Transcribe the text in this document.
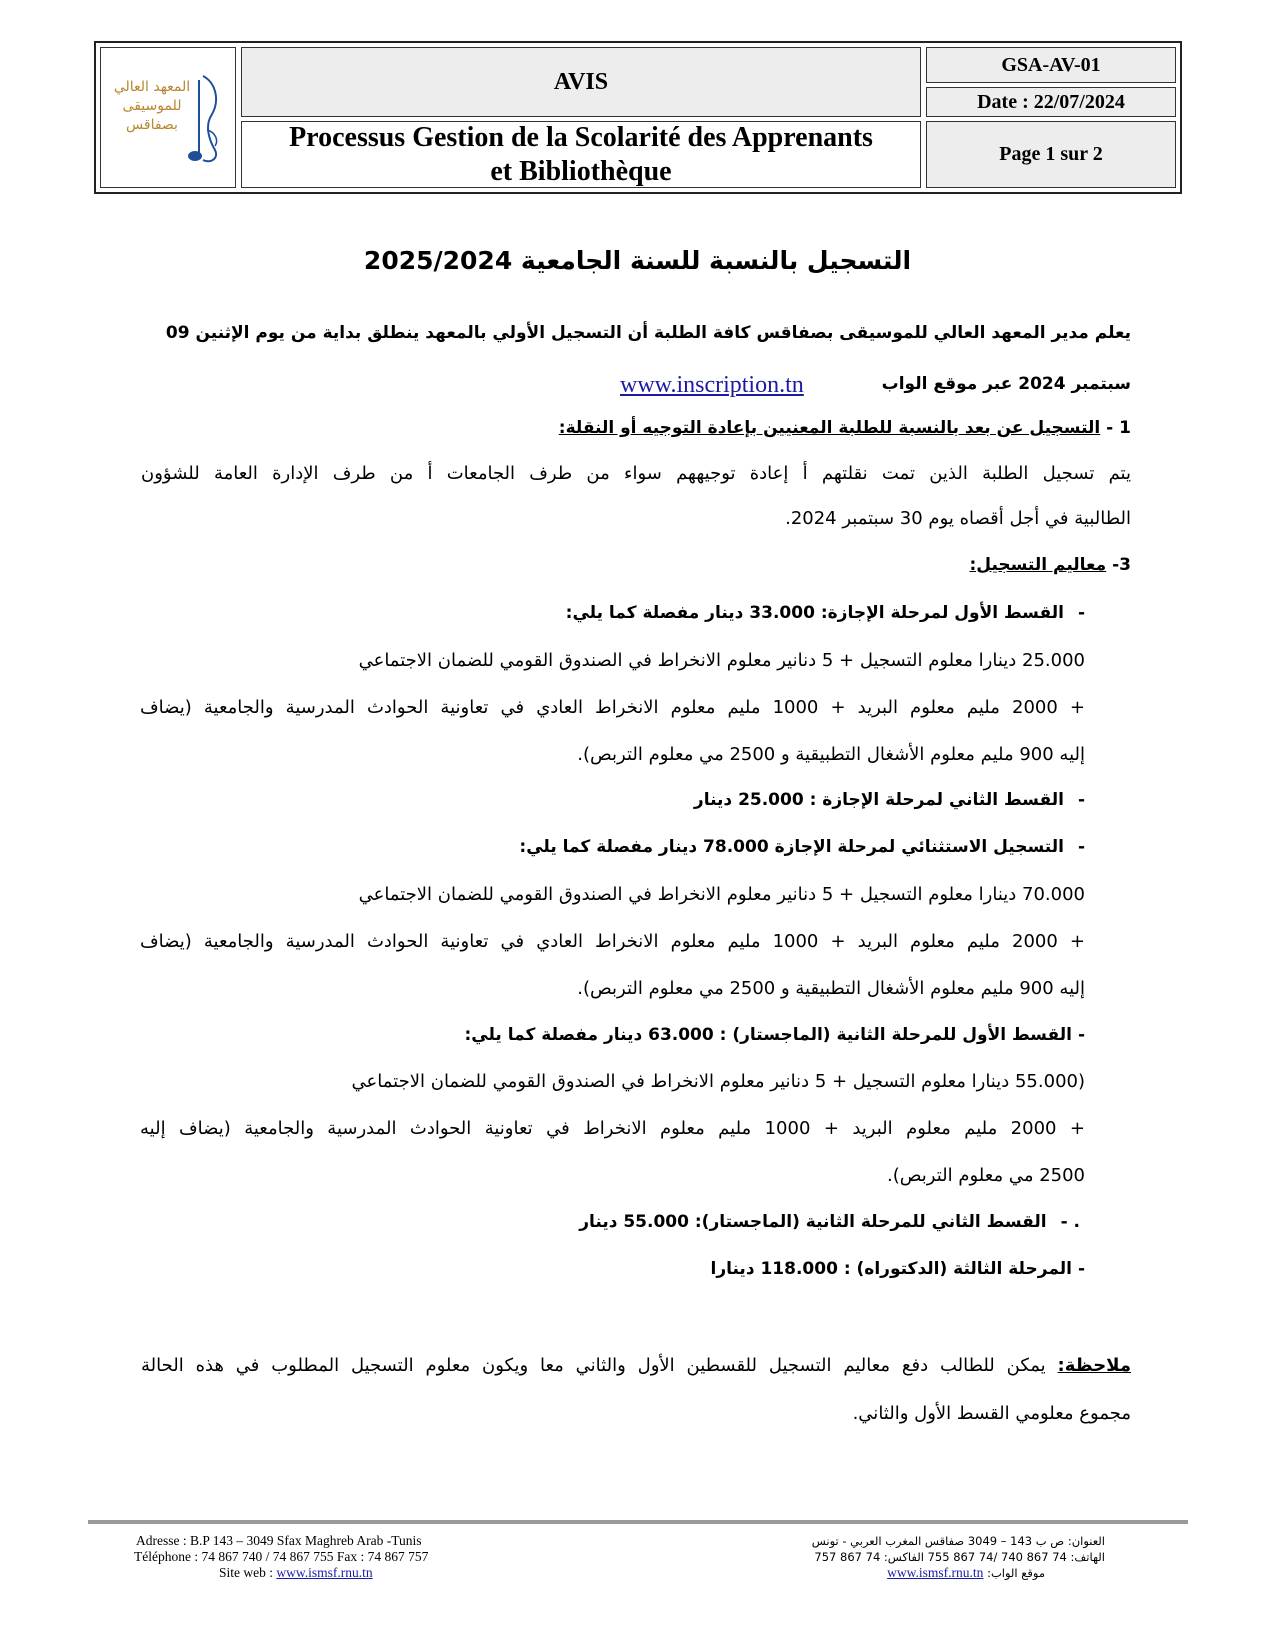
المعهد العالي للموسيقى بصفاقس
AVIS
Processus Gestion de la Scolarité des Apprenants
et Bibliothèque
GSA-AV-01
Date : 22/07/2024
Page 1 sur 2
التسجيل بالنسبة للسنة الجامعية 2025/2024
يعلم مدير المعهد العالي للموسيقى بصفاقس كافة الطلبة أن التسجيل الأولي بالمعهد ينطلق بداية من يوم الإثنين 09
سبتمبر 2024 عبر موقع الواب
www.inscription.tn
1 - التسجيل عن بعد بالنسبة للطلبة المعنيين بإعادة التوجيه أو النقلة:
يتم تسجيل الطلبة الذين تمت نقلتهم أ إعادة توجيههم سواء من طرف الجامعات أ من طرف الإدارة العامة للشؤون
الطالبية في أجل أقصاه يوم 30 سبتمبر 2024.
3- معاليم التسجيل:
-القسط الأول لمرحلة الإجازة: 33.000 دينار مفصلة كما يلي:
25.000 دينارا معلوم التسجيل + 5 دنانير معلوم الانخراط في الصندوق القومي للضمان الاجتماعي
+ 2000 مليم معلوم البريد + 1000 مليم معلوم الانخراط العادي في تعاونية الحوادث المدرسية والجامعية (يضاف
إليه 900 مليم معلوم الأشغال التطبيقية و 2500 مي معلوم التربص).
-القسط الثاني لمرحلة الإجازة : 25.000 دينار
-التسجيل الاستثنائي لمرحلة الإجازة 78.000 دينار مفصلة كما يلي:
70.000 دينارا معلوم التسجيل + 5 دنانير معلوم الانخراط في الصندوق القومي للضمان الاجتماعي
+ 2000 مليم معلوم البريد + 1000 مليم معلوم الانخراط العادي في تعاونية الحوادث المدرسية والجامعية (يضاف
إليه 900 مليم معلوم الأشغال التطبيقية و 2500 مي معلوم التربص).
-القسط الأول للمرحلة الثانية (الماجستار) : 63.000 دينار مفصلة كما يلي:
(55.000 دينارا معلوم التسجيل + 5 دنانير معلوم الانخراط في الصندوق القومي للضمان الاجتماعي
+ 2000 مليم معلوم البريد + 1000 مليم معلوم الانخراط في تعاونية الحوادث المدرسية والجامعية (يضاف إليه
2500 مي معلوم التربص).
. -القسط الثاني للمرحلة الثانية (الماجستار): 55.000 دينار
-المرحلة الثالثة (الدكتوراه) : 118.000 دينارا
ملاحظة: يمكن للطالب دفع معاليم التسجيل للقسطين الأول والثاني معا ويكون معلوم التسجيل المطلوب في هذه الحالة
مجموع معلومي القسط الأول والثاني.
Adresse : B.P 143 – 3049 Sfax Maghreb Arab -Tunis
Téléphone : 74 867 740 / 74 867 755 Fax : 74 867 757
Site web : www.ismsf.rnu.tn
العنوان: ص ب 143 – 3049 صفاقس المغرب العربي - تونس
الهاتف: 74 867 740 /74 867 755 الفاكس: 74 867 757
موقع الواب: www.ismsf.rnu.tn
